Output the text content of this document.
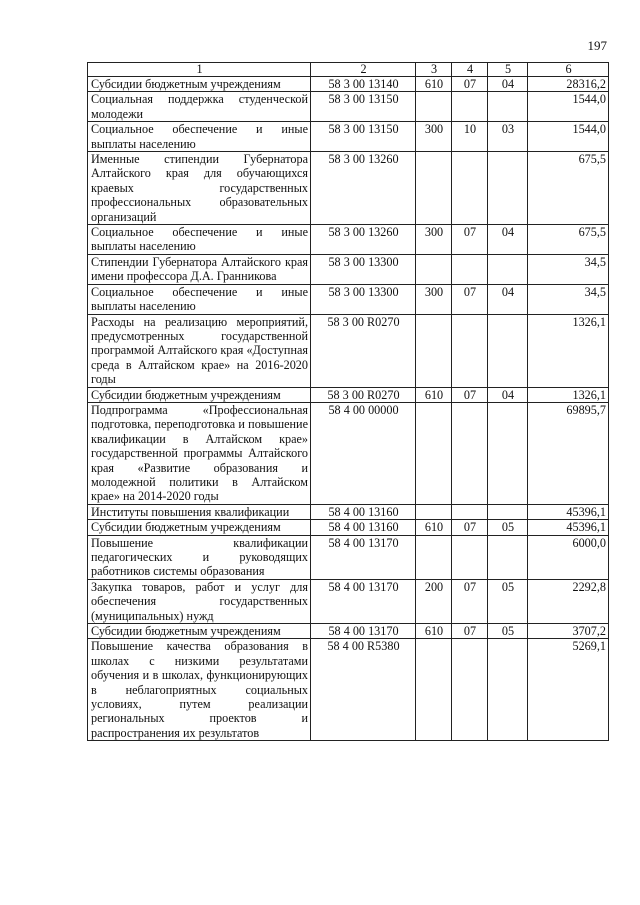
197
1	2	3	4	5	6
Субсидии бюджетным учреждениям	58 3 00 13140	610	07	04	28316,2
Социальная поддержка студенческой молодежи	58 3 00 13150				1544,0
Социальное обеспечение и иные выплаты населению	58 3 00 13150	300	10	03	1544,0
Именные стипендии Губернатора Алтайского края для обучающихся краевых государственных профессиональных образовательных организаций	58 3 00 13260				675,5
Социальное обеспечение и иные выплаты населению	58 3 00 13260	300	07	04	675,5
Стипендии Губернатора Алтайского края имени профессора Д.А. Гранникова	58 3 00 13300				34,5
Социальное обеспечение и иные выплаты населению	58 3 00 13300	300	07	04	34,5
Расходы на реализацию мероприятий, предусмотренных государственной программой Алтайского края «Доступная среда в Алтайском крае» на 2016-2020 годы	58 3 00 R0270				1326,1
Субсидии бюджетным учреждениям	58 3 00 R0270	610	07	04	1326,1
Подпрограмма «Профессиональная подготовка, переподготовка и повышение квалификации в Алтайском крае» государственной программы Алтайского края «Развитие образования и молодежной политики в Алтайском крае» на 2014-2020 годы	58 4 00 00000				69895,7
Институты повышения квалификации	58 4 00 13160				45396,1
Субсидии бюджетным учреждениям	58 4 00 13160	610	07	05	45396,1
Повышение квалификации педагогических и руководящих работников системы образования	58 4 00 13170				6000,0
Закупка товаров, работ и услуг для обеспечения государственных (муниципальных) нужд	58 4 00 13170	200	07	05	2292,8
Субсидии бюджетным учреждениям	58 4 00 13170	610	07	05	3707,2
Повышение качества образования в школах с низкими результатами обучения и в школах, функционирующих в неблагоприятных социальных условиях, путем реализации региональных проектов и распространения их результатов	58 4 00 R5380				5269,1
